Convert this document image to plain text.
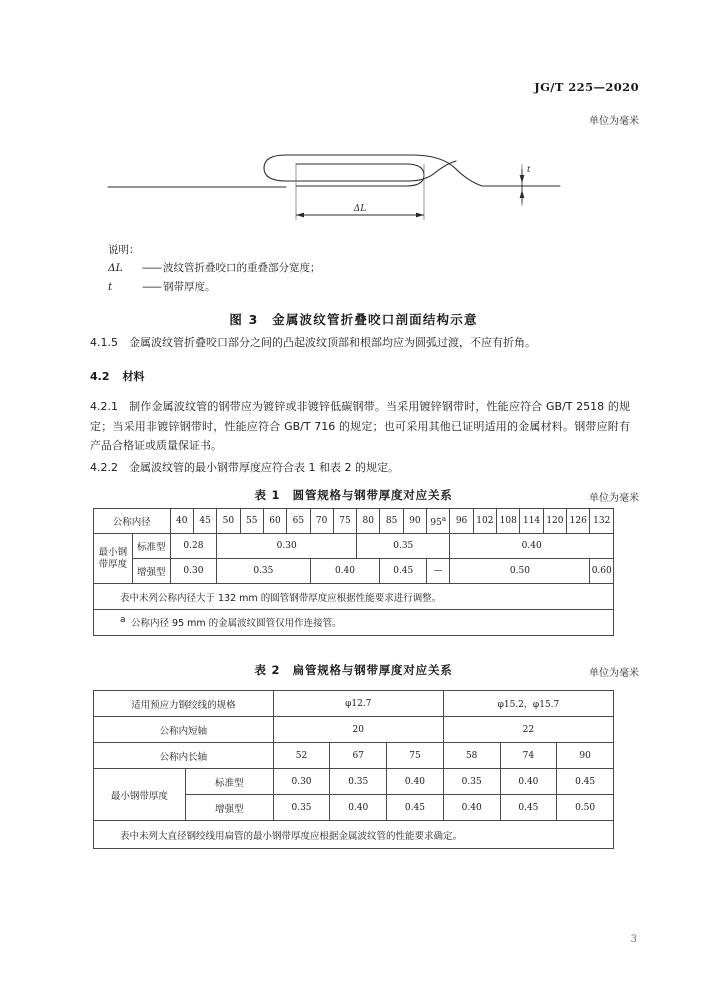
JG/T 225—2020
单位为毫米
ΔL
t
说明：
ΔL	—— 波纹管折叠咬口的重叠部分宽度；
t	—— 钢带厚度。
图 3　金属波纹管折叠咬口剖面结构示意
4.1.5 金属波纹管折叠咬口部分之间的凸起波纹顶部和根部均应为圆弧过渡，不应有折角。
4.2 材料
4.2.1 制作金属波纹管的钢带应为镀锌或非镀锌低碳钢带。当采用镀锌钢带时，性能应符合 GB/T 2518 的规定；当采用非镀锌钢带时，性能应符合 GB/T 716 的规定；也可采用其他已证明适用的金属材料。钢带应附有产品合格证或质量保证书。
4.2.2 金属波纹管的最小钢带厚度应符合表 1 和表 2 的规定。
表 1　圆管规格与钢带厚度对应关系	单位为毫米
公称内径		40	45	50	55	60	65	70	75	80	85	90	95$^a$	96	102	108	114	120	126	132

最小钢
带厚度	标准型	0.28		0.30						0.35				0.40						
	增强型	0.30		0.35				0.40			0.45		—	0.50						0.60
表中未列公称内径大于 132 mm 的圆管钢带厚度应根据性能要求进行调整。																				
a 公称内径 95 mm 的金属波纹圆管仅用作连接管。																				
表 2　扁管规格与钢带厚度对应关系	单位为毫米
适用预应力钢绞线的规格		φ12.7			φ15.2，φ15.7		
公称内短轴		20			22		
公称内长轴		52	67	75	58	74	90
最小钢带厚度	标准型	0.30	0.35	0.40	0.35	0.40	0.45
	增强型	0.35	0.40	0.45	0.40	0.45	0.50
表中未列大直径钢绞线用扁管的最小钢带厚度应根据金属波纹管的性能要求确定。							
3
